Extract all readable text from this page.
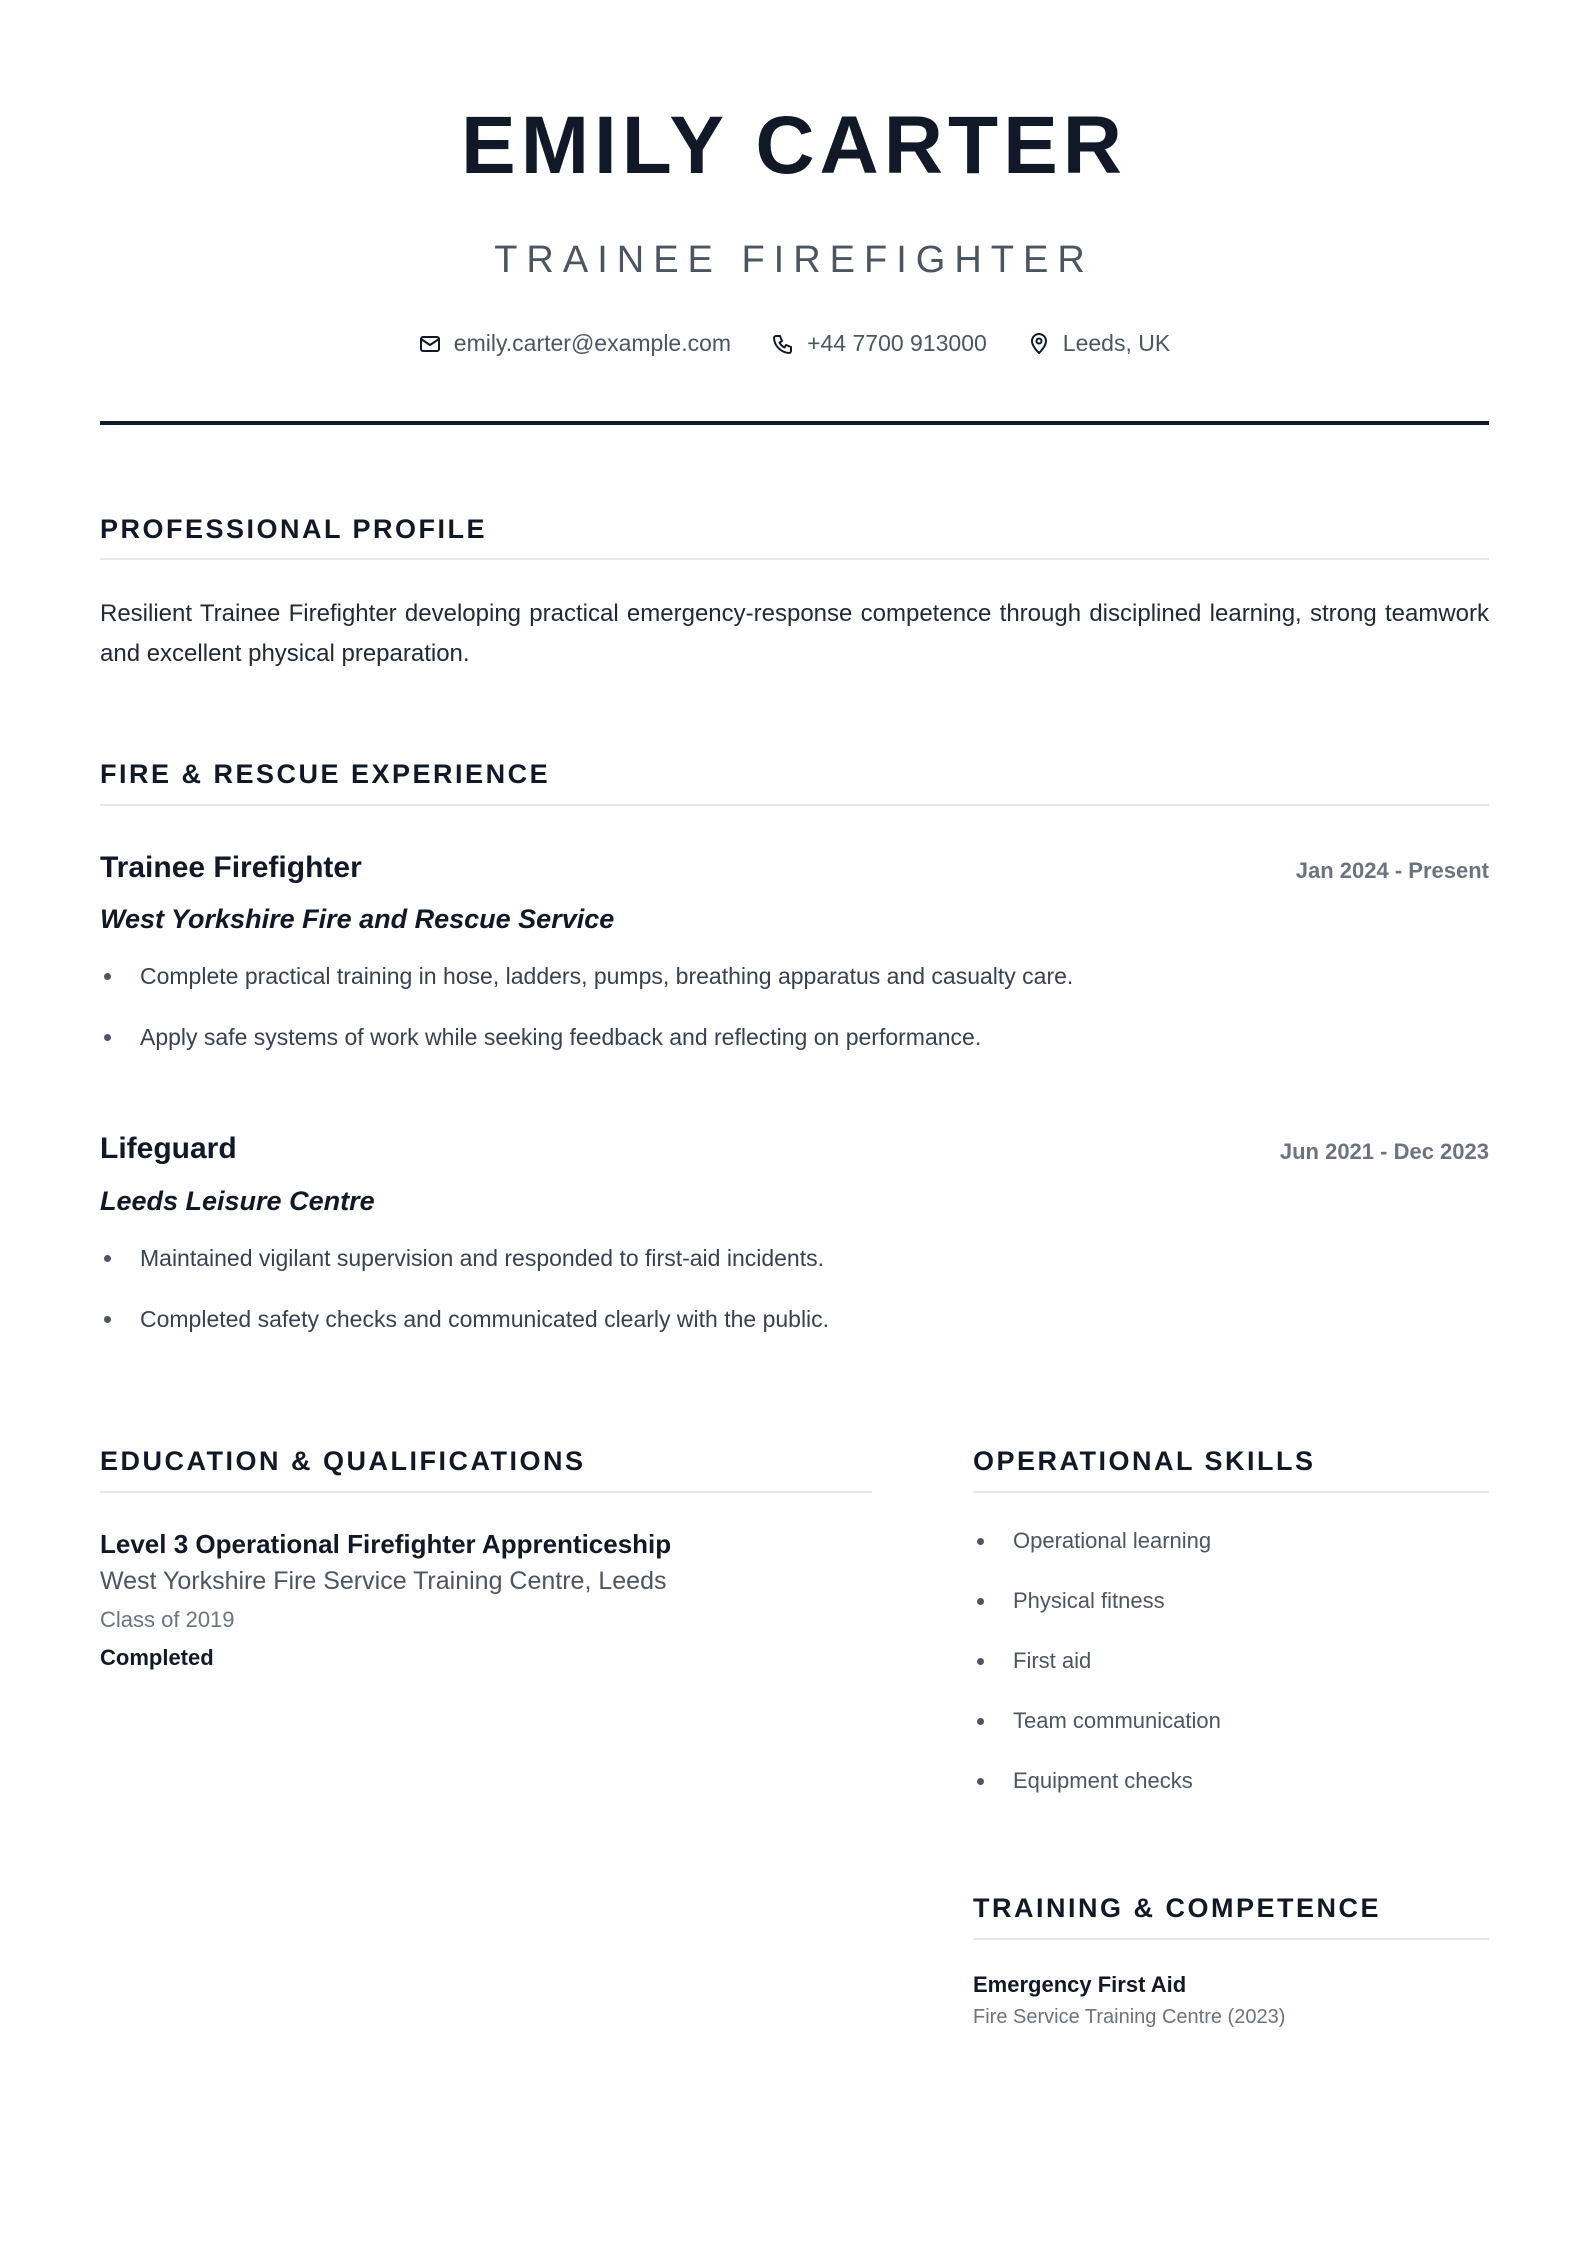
EMILY CARTER
TRAINEE FIREFIGHTER
emily.carter@example.com	+44 7700 913000	Leeds, UK
PROFESSIONAL PROFILE
Resilient Trainee Firefighter developing practical emergency-response competence through disciplined learning, strong teamwork and excellent physical preparation.
FIRE & RESCUE EXPERIENCE
Trainee Firefighter	Jan 2024 - Present
West Yorkshire Fire and Rescue Service
Complete practical training in hose, ladders, pumps, breathing apparatus and casualty care.
Apply safe systems of work while seeking feedback and reflecting on performance.
Lifeguard	Jun 2021 - Dec 2023
Leeds Leisure Centre
Maintained vigilant supervision and responded to first-aid incidents.
Completed safety checks and communicated clearly with the public.
EDUCATION & QUALIFICATIONS
Level 3 Operational Firefighter Apprenticeship
West Yorkshire Fire Service Training Centre, Leeds
Class of 2019
Completed
OPERATIONAL SKILLS
Operational learning
Physical fitness
First aid
Team communication
Equipment checks
TRAINING & COMPETENCE
Emergency First Aid
Fire Service Training Centre (2023)
